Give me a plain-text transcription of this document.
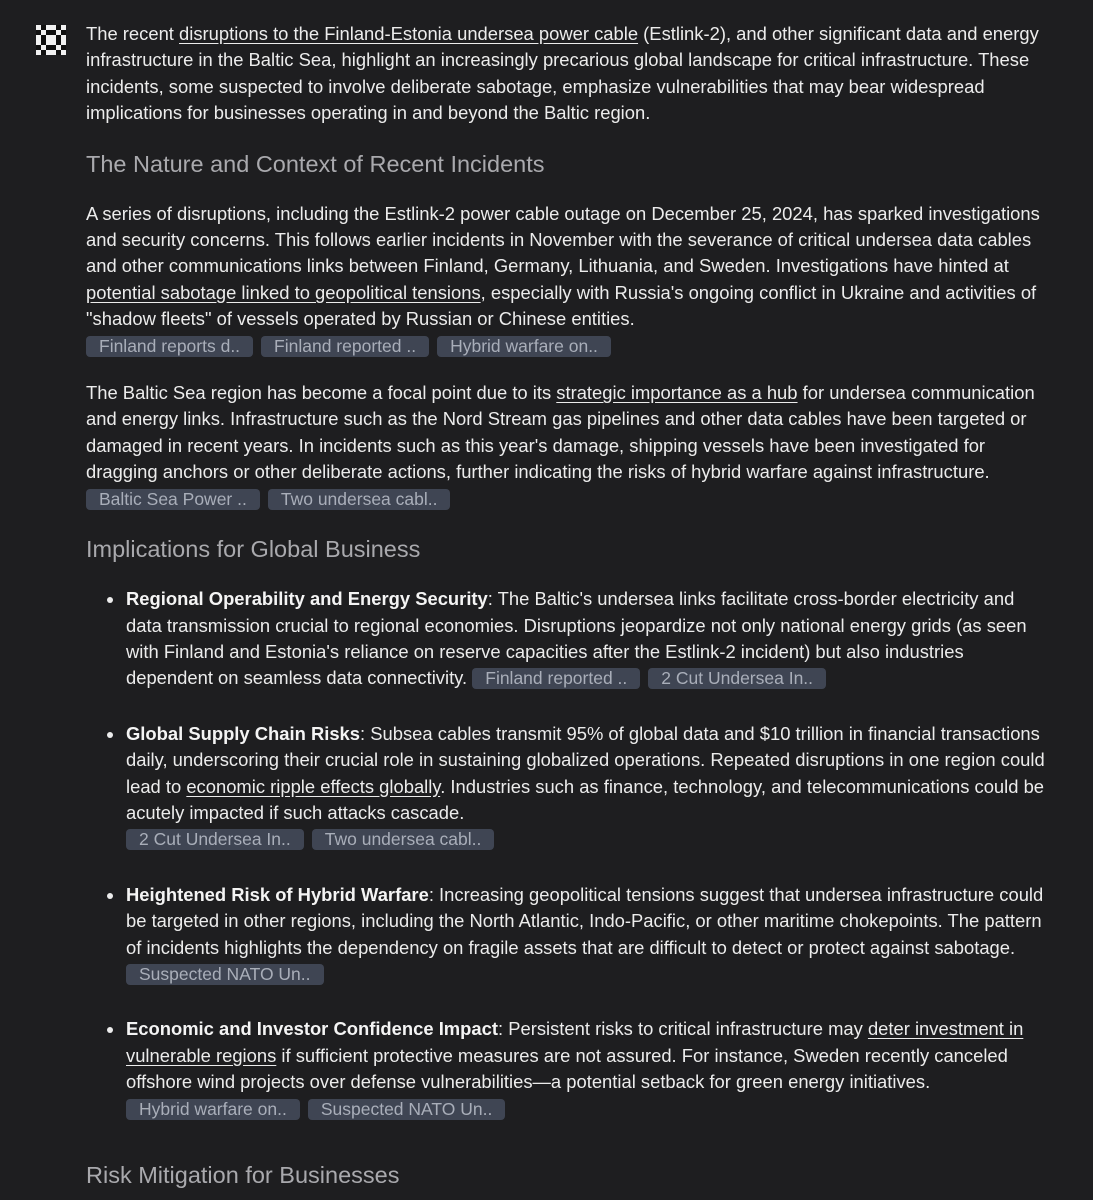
The recent disruptions to the Finland-Estonia undersea power cable (Estlink-2), and other significant data and energy infrastructure in the Baltic Sea, highlight an increasingly precarious global landscape for critical infrastructure. These incidents, some suspected to involve deliberate sabotage, emphasize vulnerabilities that may bear widespread implications for businesses operating in and beyond the Baltic region.

The Nature and Context of Recent Incidents

A series of disruptions, including the Estlink-2 power cable outage on December 25, 2024, has sparked investigations and security concerns. This follows earlier incidents in November with the severance of critical undersea data cables and other communications links between Finland, Germany, Lithuania, and Sweden. Investigations have hinted at potential sabotage linked to geopolitical tensions, especially with Russia's ongoing conflict in Ukraine and activities of "shadow fleets" of vessels operated by Russian or Chinese entities.
Finland reports d.. Finland reported .. Hybrid warfare on..

The Baltic Sea region has become a focal point due to its strategic importance as a hub for undersea communication and energy links. Infrastructure such as the Nord Stream gas pipelines and other data cables have been targeted or damaged in recent years. In incidents such as this year's damage, shipping vessels have been investigated for dragging anchors or other deliberate actions, further indicating the risks of hybrid warfare against infrastructure. Baltic Sea Power .. Two undersea cabl..

Implications for Global Business
Regional Operability and Energy Security: The Baltic's undersea links facilitate cross-border electricity and data transmission crucial to regional economies. Disruptions jeopardize not only national energy grids (as seen with Finland and Estonia's reliance on reserve capacities after the Estlink-2 incident) but also industries dependent on seamless data connectivity. Finland reported .. 2 Cut Undersea In..
Global Supply Chain Risks: Subsea cables transmit 95% of global data and $10 trillion in financial transactions daily, underscoring their crucial role in sustaining globalized operations. Repeated disruptions in one region could lead to economic ripple effects globally. Industries such as finance, technology, and telecommunications could be acutely impacted if such attacks cascade.
2 Cut Undersea In.. Two undersea cabl..
Heightened Risk of Hybrid Warfare: Increasing geopolitical tensions suggest that undersea infrastructure could be targeted in other regions, including the North Atlantic, Indo-Pacific, or other maritime chokepoints. The pattern of incidents highlights the dependency on fragile assets that are difficult to detect or protect against sabotage. Suspected NATO Un..
Economic and Investor Confidence Impact: Persistent risks to critical infrastructure may deter investment in vulnerable regions if sufficient protective measures are not assured. For instance, Sweden recently canceled offshore wind projects over defense vulnerabilities—a potential setback for green energy initiatives.
Hybrid warfare on.. Suspected NATO Un..
Risk Mitigation for Businesses
